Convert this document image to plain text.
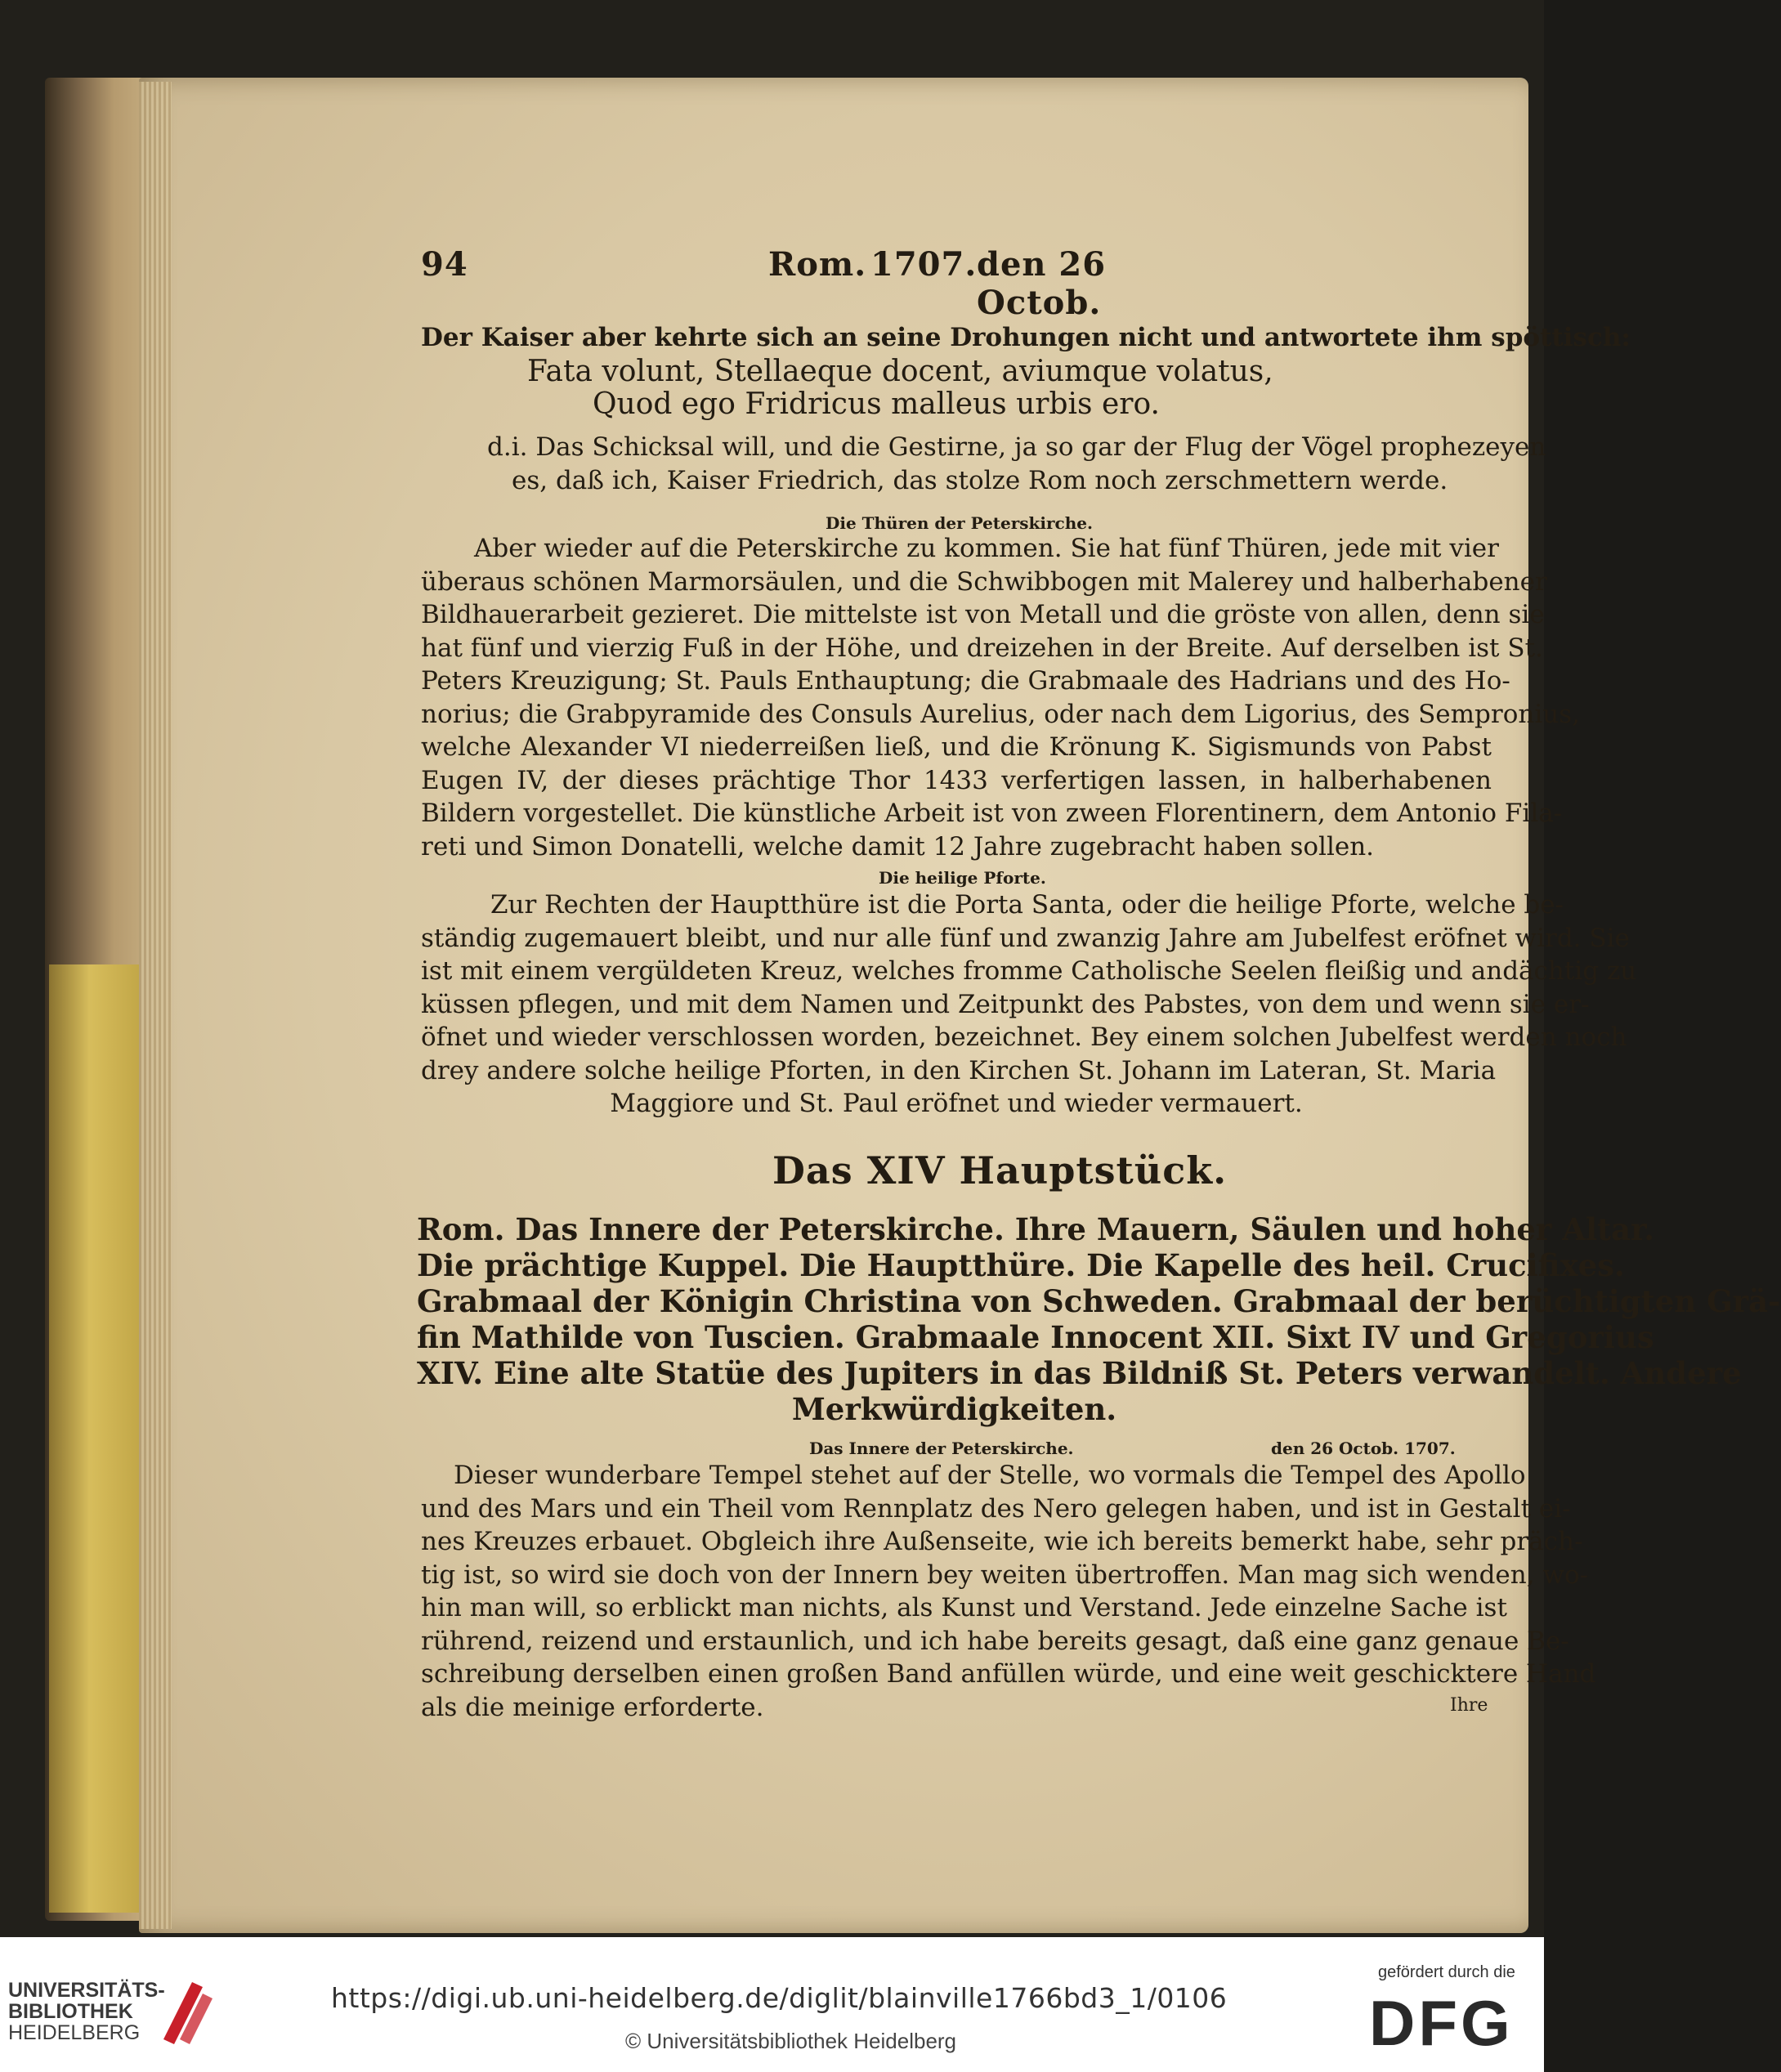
94	Rom. 1707. den 26 Octob.
Der Kaiser aber kehrte sich an seine Drohungen nicht und antwortete ihm spöttisch:
Fata volunt, Stellaeque docent, aviumque volatus,
Quod ego Fridricus malleus urbis ero.
d.i. Das Schicksal will, und die Gestirne, ja so gar der Flug der Vögel prophezeyen
es, daß ich, Kaiser Friedrich, das stolze Rom noch zerschmettern werde.
Die Thüren der Peterskirche.
Aber wieder auf die Peterskirche zu kommen. Sie hat fünf Thüren, jede mit vier
überaus schönen Marmorsäulen, und die Schwibbogen mit Malerey und halberhabener
Bildhauerarbeit gezieret. Die mittelste ist von Metall und die gröste von allen, denn sie
hat fünf und vierzig Fuß in der Höhe, und dreizehen in der Breite. Auf derselben ist St.
Peters Kreuzigung; St. Pauls Enthauptung; die Grabmaale des Hadrians und des Ho-
norius; die Grabpyramide des Consuls Aurelius, oder nach dem Ligorius, des Sempronius,
welche Alexander VI niederreißen ließ, und die Krönung K. Sigismunds von Pabst
Eugen IV, der dieses prächtige Thor 1433 verfertigen lassen, in halberhabenen
Bildern vorgestellet. Die künstliche Arbeit ist von zween Florentinern, dem Antonio Fila-
reti und Simon Donatelli, welche damit 12 Jahre zugebracht haben sollen.
Die heilige Pforte.
Zur Rechten der Hauptthüre ist die Porta Santa, oder die heilige Pforte, welche be-
ständig zugemauert bleibt, und nur alle fünf und zwanzig Jahre am Jubelfest eröfnet wird. Sie
ist mit einem vergüldeten Kreuz, welches fromme Catholische Seelen fleißig und andächtig zu
küssen pflegen, und mit dem Namen und Zeitpunkt des Pabstes, von dem und wenn sie er-
öfnet und wieder verschlossen worden, bezeichnet. Bey einem solchen Jubelfest werden noch
drey andere solche heilige Pforten, in den Kirchen St. Johann im Lateran, St. Maria
Maggiore und St. Paul eröfnet und wieder vermauert.
Das XIV Hauptstück.
Rom. Das Innere der Peterskirche. Ihre Mauern, Säulen und hoher Altar.
Die prächtige Kuppel. Die Hauptthüre. Die Kapelle des heil. Crucifixes.
Grabmaal der Königin Christina von Schweden. Grabmaal der berüchtigten Grä-
fin Mathilde von Tuscien. Grabmaale Innocent XII. Sixt IV und Gregorius
XIV. Eine alte Statüe des Jupiters in das Bildniß St. Peters verwandelt. Andere
Merkwürdigkeiten.
Das Innere der Peterskirche.	den 26 Octob. 1707.
Dieser wunderbare Tempel stehet auf der Stelle, wo vormals die Tempel des Apollo
und des Mars und ein Theil vom Rennplatz des Nero gelegen haben, und ist in Gestalt ei-
nes Kreuzes erbauet. Obgleich ihre Außenseite, wie ich bereits bemerkt habe, sehr präch-
tig ist, so wird sie doch von der Innern bey weiten übertroffen. Man mag sich wenden, wo-
hin man will, so erblickt man nichts, als Kunst und Verstand. Jede einzelne Sache ist
rührend, reizend und erstaunlich, und ich habe bereits gesagt, daß eine ganz genaue Be-
schreibung derselben einen großen Band anfüllen würde, und eine weit geschicktere Hand
als die meinige erforderte.	Ihre
UNIVERSITÄTS-
BIBLIOTHEK
HEIDELBERG
https://digi.ub.uni-heidelberg.de/diglit/blainville1766bd3_1/0106
© Universitätsbibliothek Heidelberg
gefördert durch die
DFG
